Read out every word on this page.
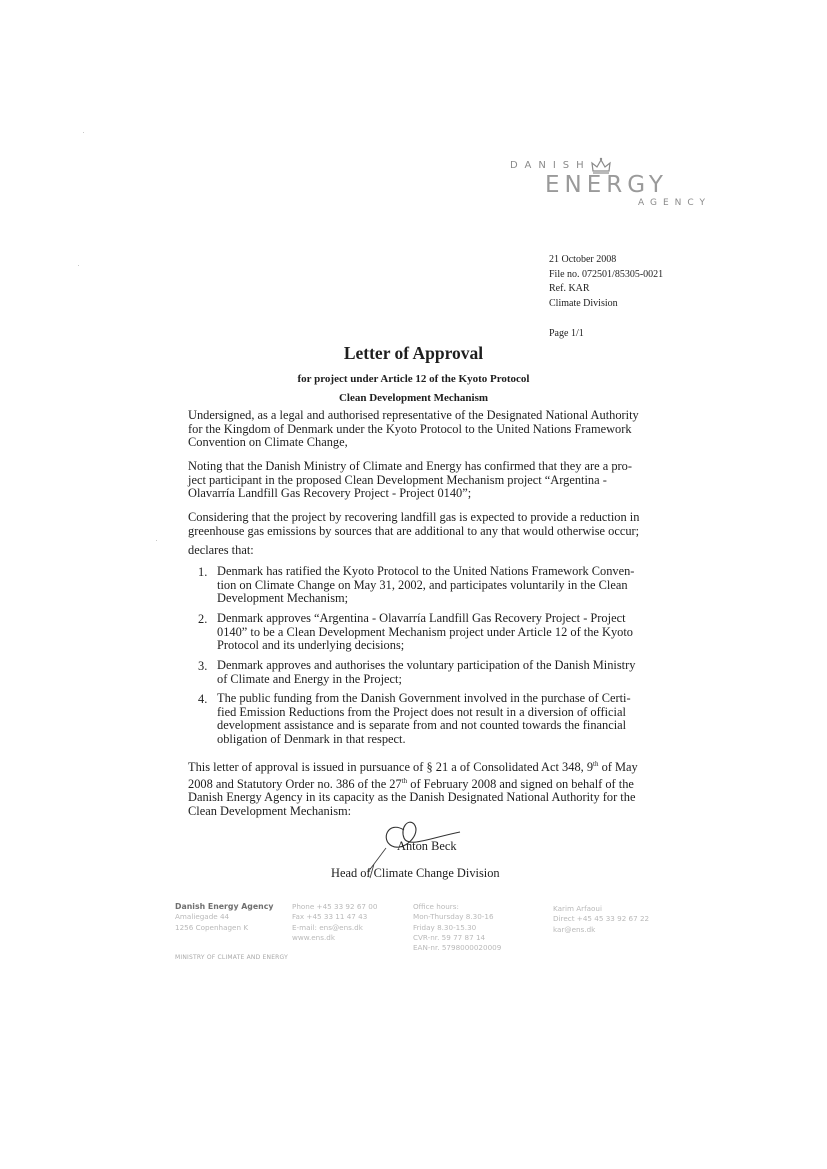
DANISH
ENERGY
AGENCY
21 October 2008
File no. 072501/85305-0021
Ref. KAR
Climate Division
Page 1/1
Letter of Approval
for project under Article 12 of the Kyoto Protocol
Clean Development Mechanism
Undersigned, as a legal and authorised representative of the Designated National Authority
for the Kingdom of Denmark under the Kyoto Protocol to the United Nations Framework
Convention on Climate Change,
Noting that the Danish Ministry of Climate and Energy has confirmed that they are a pro-
ject participant in the proposed Clean Development Mechanism project “Argentina -
Olavarría Landfill Gas Recovery Project - Project 0140”;
Considering that the project by recovering landfill gas is expected to provide a reduction in
greenhouse gas emissions by sources that are additional to any that would otherwise occur;
declares that:
1. Denmark has ratified the Kyoto Protocol to the United Nations Framework Conven-
tion on Climate Change on May 31, 2002, and participates voluntarily in the Clean
Development Mechanism;
2. Denmark approves “Argentina - Olavarría Landfill Gas Recovery Project - Project
0140” to be a Clean Development Mechanism project under Article 12 of the Kyoto
Protocol and its underlying decisions;
3. Denmark approves and authorises the voluntary participation of the Danish Ministry
of Climate and Energy in the Project;
4. The public funding from the Danish Government involved in the purchase of Certi-
fied Emission Reductions from the Project does not result in a diversion of official
development assistance and is separate from and not counted towards the financial
obligation of Denmark in that respect.
This letter of approval is issued in pursuance of § 21 a of Consolidated Act 348, 9th of May
2008 and Statutory Order no. 386 of the 27th of February 2008 and signed on behalf of the
Danish Energy Agency in its capacity as the Danish Designated National Authority for the
Clean Development Mechanism:
Anton Beck
Head of Climate Change Division
Danish Energy Agency
Amaliegade 44
1256 Copenhagen K
Phone +45 33 92 67 00
Fax +45 33 11 47 43
E-mail: ens@ens.dk
www.ens.dk
Office hours:
Mon-Thursday 8.30-16
Friday 8.30-15.30
CVR-nr. 59 77 87 14
EAN-nr. 5798000020009
Karim Arfaoui
Direct +45 45 33 92 67 22
kar@ens.dk
MINISTRY OF CLIMATE AND ENERGY
